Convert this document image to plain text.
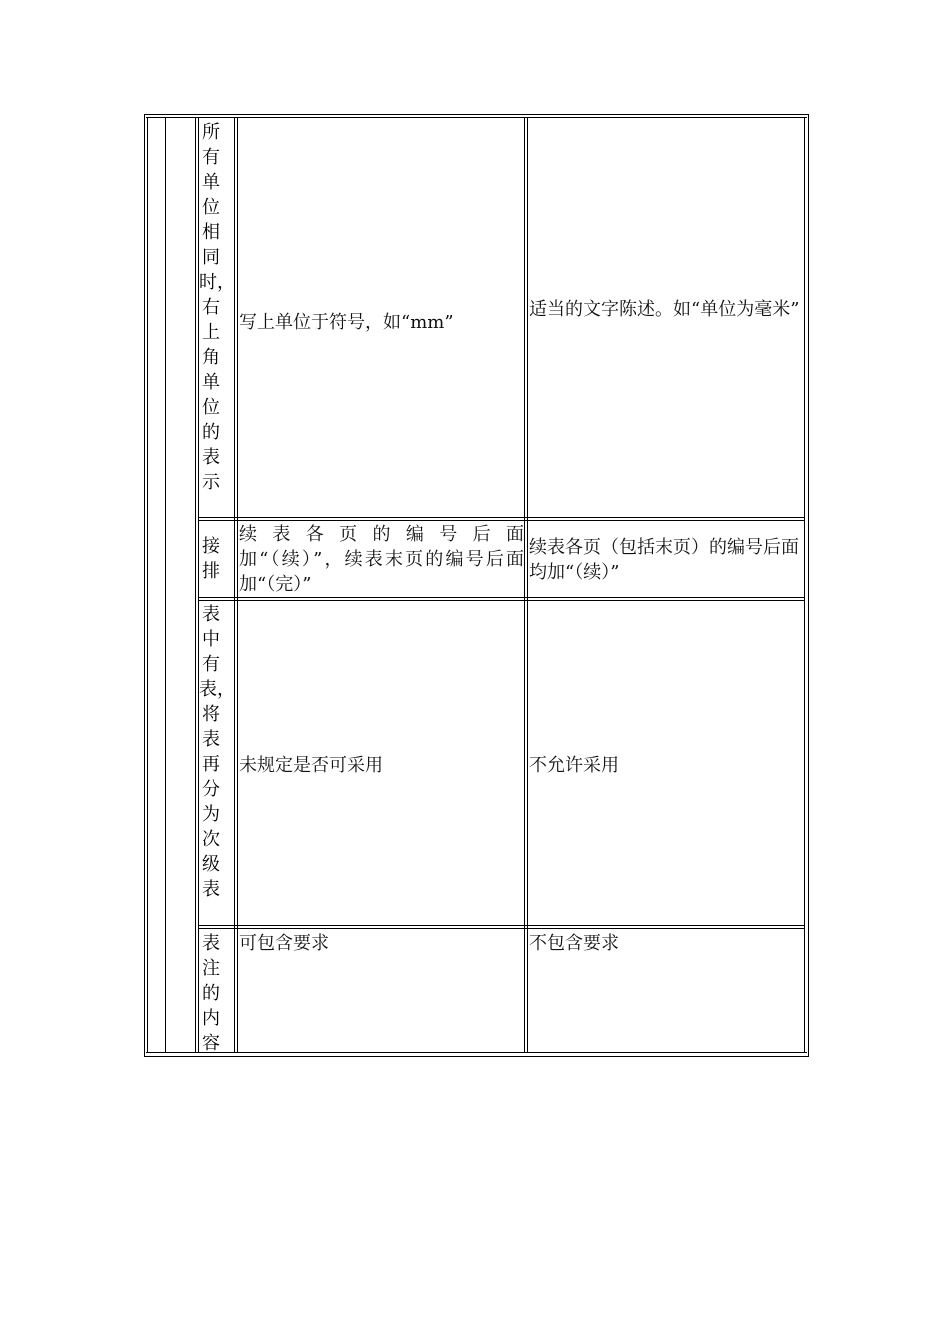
所有单位相同时，右上角单位的表示
写上单位于符号，如“mm”
适当的文字陈述。如“单位为毫米”
接排
续 表 各 页 的 编 号 后 面 加“（续）”，续表末页的编号后面加“（完）”
续表各页（包括末页）的编号后面均加“（续）”
表中有表，将表再分为次级表
未规定是否可采用	不允许采用
表注的内容
可包含要求	不包含要求
